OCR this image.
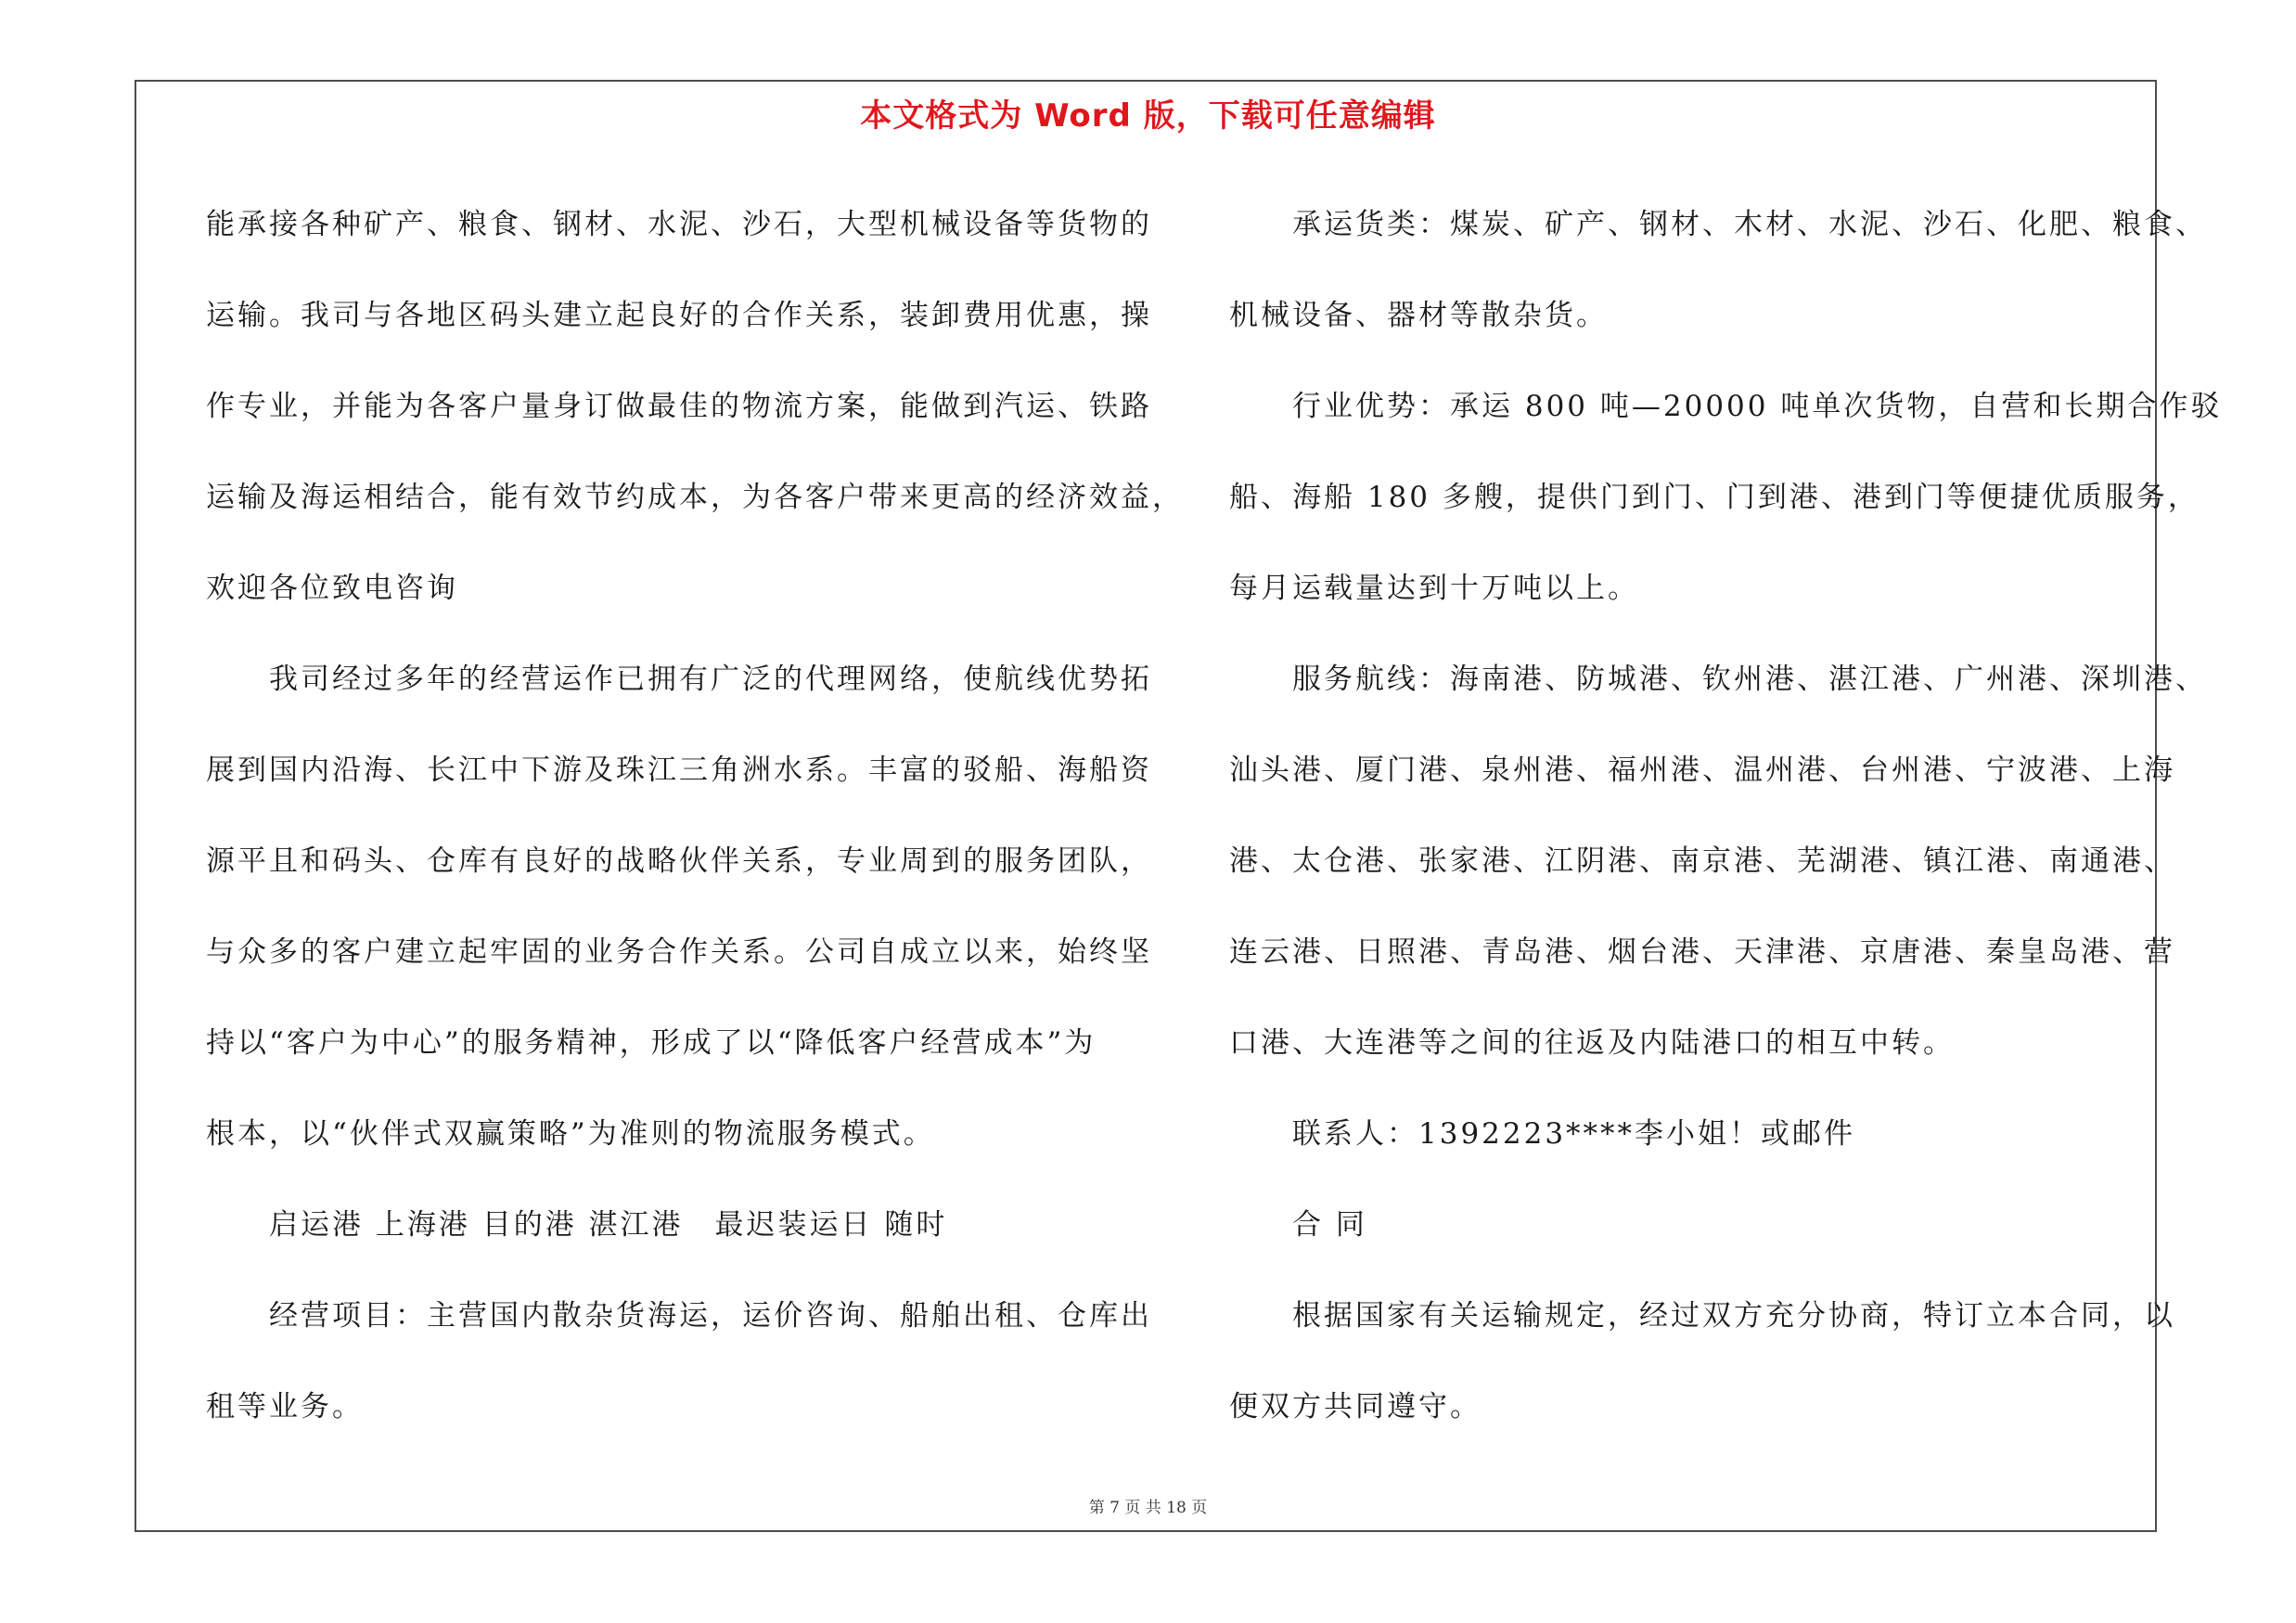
本文格式为 Word 版，下载可任意编辑

能承接各种矿产、粮食、钢材、水泥、沙石，大型机械设备等货物的

运输。我司与各地区码头建立起良好的合作关系，装卸费用优惠，操

作专业，并能为各客户量身订做最佳的物流方案，能做到汽运、铁路

运输及海运相结合，能有效节约成本，为各客户带来更高的经济效益，

欢迎各位致电咨询

　　我司经过多年的经营运作已拥有广泛的代理网络，使航线优势拓

展到国内沿海、长江中下游及珠江三角洲水系。丰富的驳船、海船资

源平且和码头、仓库有良好的战略伙伴关系，专业周到的服务团队，

与众多的客户建立起牢固的业务合作关系。公司自成立以来，始终坚

持以“客户为中心”的服务精神，形成了以“降低客户经营成本”为

根本，以“伙伴式双赢策略”为准则的物流服务模式。

　　启运港 上海港 目的港 湛江港　最迟装运日 随时

　　经营项目：主营国内散杂货海运，运价咨询、船舶出租、仓库出

租等业务。

　　承运货类：煤炭、矿产、钢材、木材、水泥、沙石、化肥、粮食、

机械设备、器材等散杂货。

　　行业优势：承运 800 吨—20000 吨单次货物，自营和长期合作驳

船、海船 180 多艘，提供门到门、门到港、港到门等便捷优质服务，

每月运载量达到十万吨以上。

　　服务航线：海南港、防城港、钦州港、湛江港、广州港、深圳港、

汕头港、厦门港、泉州港、福州港、温州港、台州港、宁波港、上海

港、太仓港、张家港、江阴港、南京港、芜湖港、镇江港、南通港、

连云港、日照港、青岛港、烟台港、天津港、京唐港、秦皇岛港、营

口港、大连港等之间的往返及内陆港口的相互中转。

　　联系人：1392223****李小姐！或邮件

　　合 同

　　根据国家有关运输规定，经过双方充分协商，特订立本合同，以

便双方共同遵守。

第 7 页 共 18 页
